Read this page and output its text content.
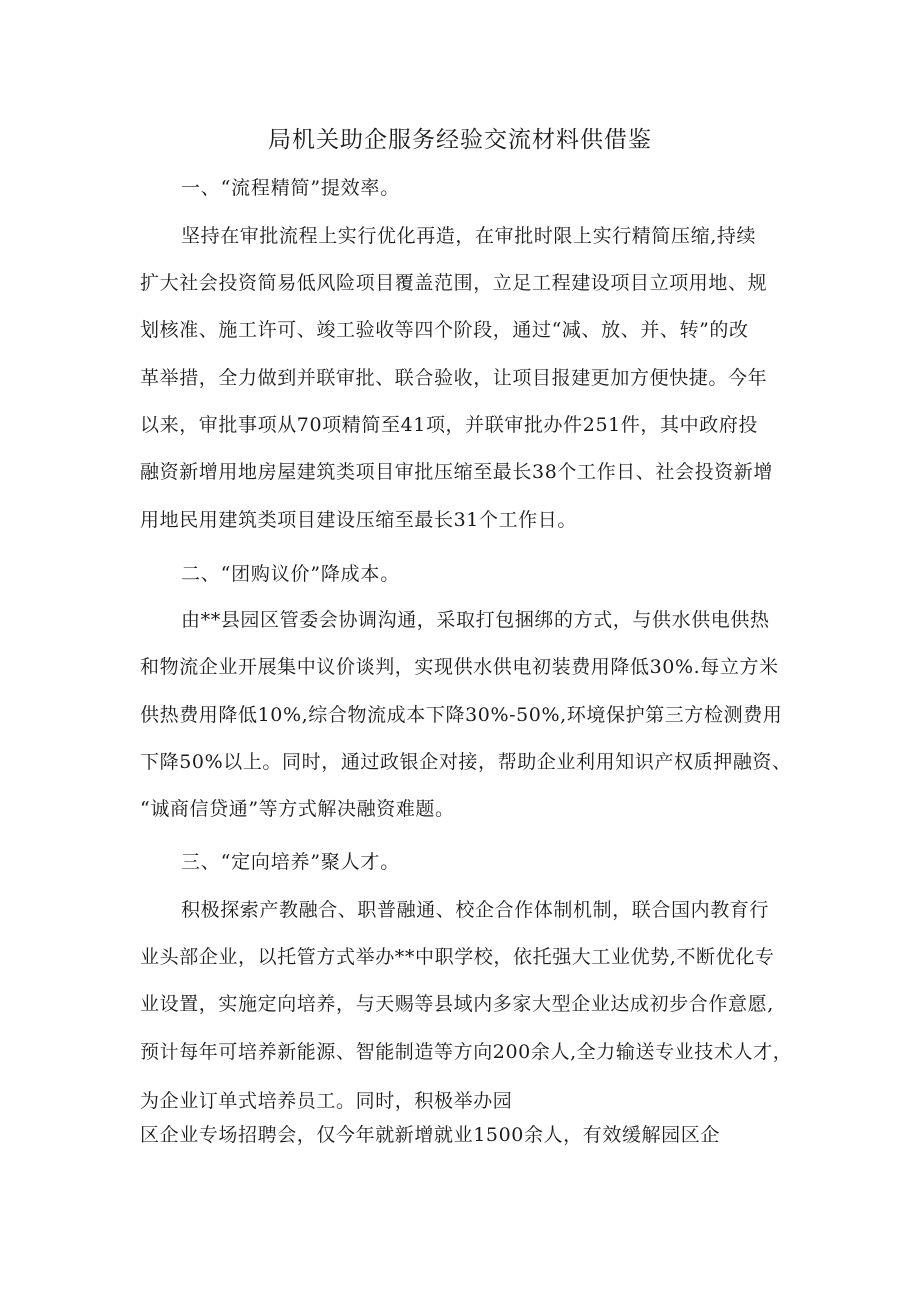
局机关助企服务经验交流材料供借鉴

一、“流程精简”提效率。

坚持在审批流程上实行优化再造，在审批时限上实行精简压缩,持续

扩大社会投资简易低风险项目覆盖范围，立足工程建设项目立项用地、规

划核准、施工许可、竣工验收等四个阶段，通过“减、放、并、转”的改

革举措，全力做到并联审批、联合验收，让项目报建更加方便快捷。今年

以来，审批事项从70项精简至41项，并联审批办件251件，其中政府投

融资新增用地房屋建筑类项目审批压缩至最长38个工作日、社会投资新增

用地民用建筑类项目建设压缩至最长31个工作日。

二、“团购议价”降成本。

由**县园区管委会协调沟通，采取打包捆绑的方式，与供水供电供热

和物流企业开展集中议价谈判，实现供水供电初装费用降低30%.每立方米

供热费用降低10%,综合物流成本下降30%-50%,环境保护第三方检测费用

下降50%以上。同时，通过政银企对接，帮助企业利用知识产权质押融资、

“诚商信贷通”等方式解决融资难题。

三、“定向培养”聚人才。

积极探索产教融合、职普融通、校企合作体制机制，联合国内教育行

业头部企业，以托管方式举办**中职学校，依托强大工业优势,不断优化专

业设置，实施定向培养，与天赐等县域内多家大型企业达成初步合作意愿,

预计每年可培养新能源、智能制造等方向200余人,全力输送专业技术人才，

为企业订单式培养员工。同时，积极举办园

区企业专场招聘会，仅今年就新增就业1500余人，有效缓解园区企
